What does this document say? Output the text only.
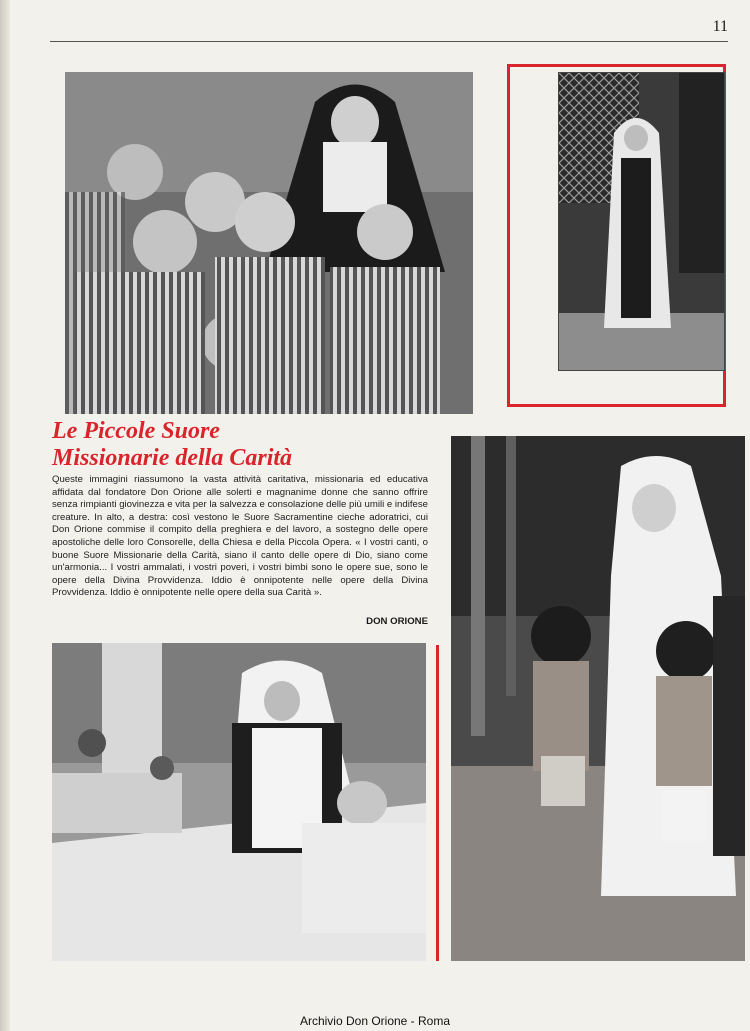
11
Le Piccole Suore
Missionarie della Carità
Queste immagini riassumono la vasta attività caritativa, missionaria ed educativa affidata dal fondatore Don Orione alle solerti e magnanime donne che sanno offrire senza rimpianti giovinezza e vita per la salvezza e consolazione delle più umili e indifese creature. In alto, a destra: così vestono le Suore Sacramentine cieche adoratrici, cui Don Orione commise il compito della preghiera e del lavoro, a sostegno delle opere apostoliche delle loro Consorelle, della Chiesa e della Piccola Opera. « I vostri canti, o buone Suore Missionarie della Carità, siano il canto delle opere di Dio, siano come un'armonia... I vostri ammalati, i vostri poveri, i vostri bimbi sono le opere sue, sono le opere della Divina Provvidenza. Iddio è onnipotente nelle opere della Divina Provvidenza. Iddio è onnipotente nelle opere della sua Carità ».
DON ORIONE
Archivio Don Orione - Roma
